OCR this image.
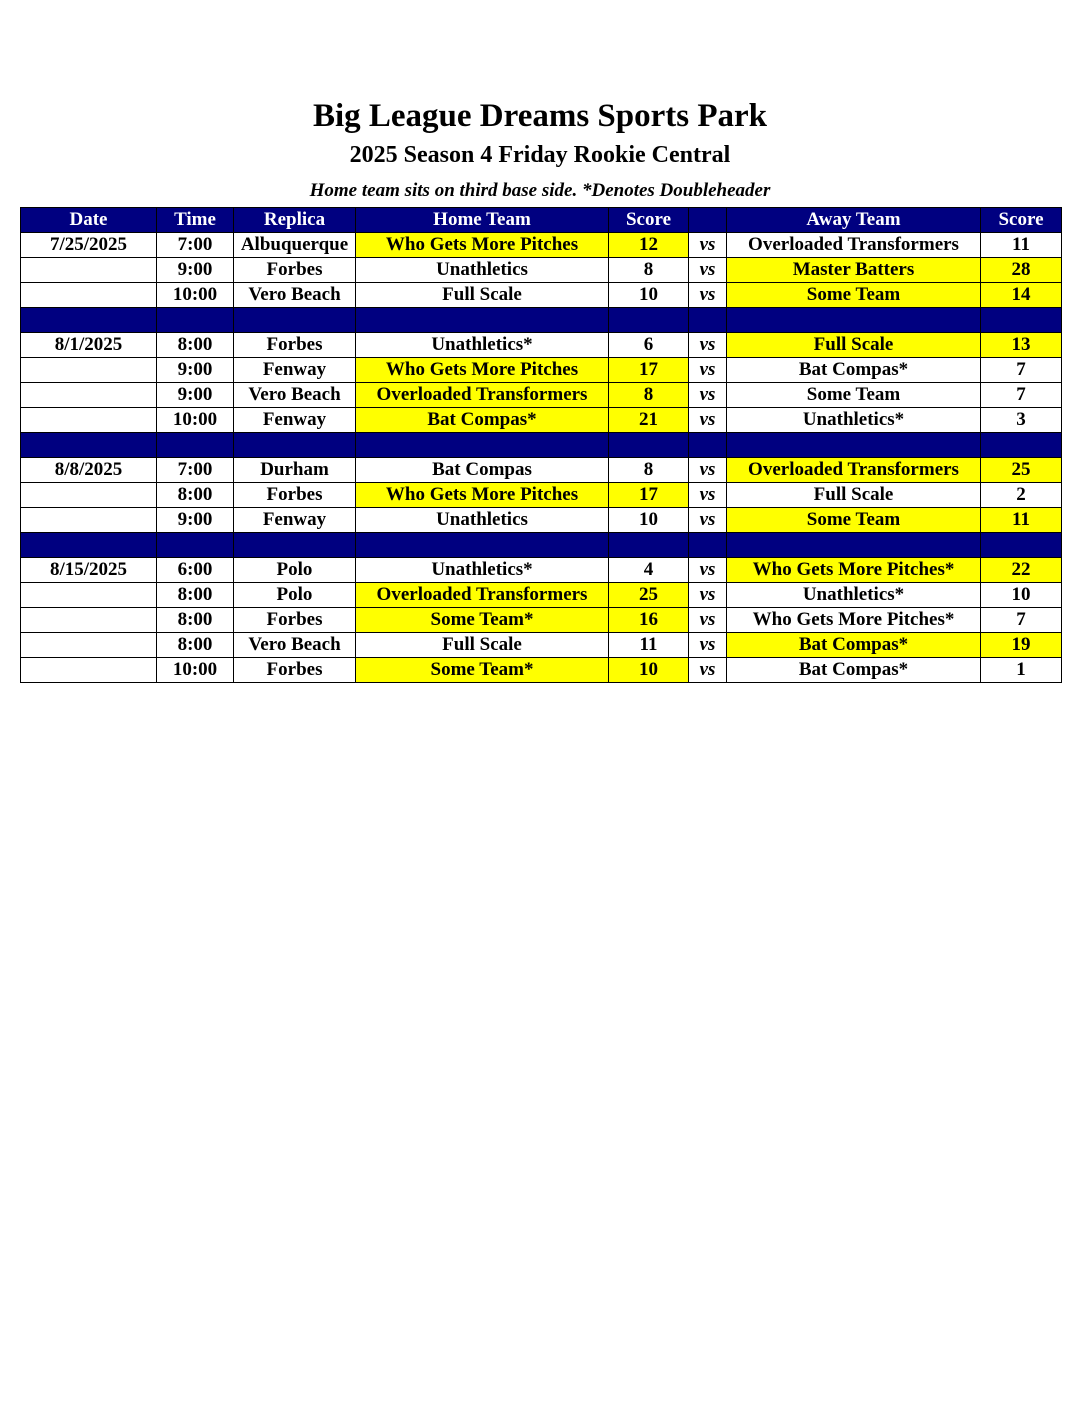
Big League Dreams Sports Park
2025 Season 4 Friday Rookie Central
Home team sits on third base side. *Denotes Doubleheader
Date	Time	Replica	Home Team	Score		Away Team	Score
7/25/2025	7:00	Albuquerque	Who Gets More Pitches	12	vs	Overloaded Transformers	11
	9:00	Forbes	Unathletics	8	vs	Master Batters	28
	10:00	Vero Beach	Full Scale	10	vs	Some Team	14

8/1/2025	8:00	Forbes	Unathletics*	6	vs	Full Scale	13
	9:00	Fenway	Who Gets More Pitches	17	vs	Bat Compas*	7
	9:00	Vero Beach	Overloaded Transformers	8	vs	Some Team	7
	10:00	Fenway	Bat Compas*	21	vs	Unathletics*	3

8/8/2025	7:00	Durham	Bat Compas	8	vs	Overloaded Transformers	25
	8:00	Forbes	Who Gets More Pitches	17	vs	Full Scale	2
	9:00	Fenway	Unathletics	10	vs	Some Team	11

8/15/2025	6:00	Polo	Unathletics*	4	vs	Who Gets More Pitches*	22
	8:00	Polo	Overloaded Transformers	25	vs	Unathletics*	10
	8:00	Forbes	Some Team*	16	vs	Who Gets More Pitches*	7
	8:00	Vero Beach	Full Scale	11	vs	Bat Compas*	19
	10:00	Forbes	Some Team*	10	vs	Bat Compas*	1
